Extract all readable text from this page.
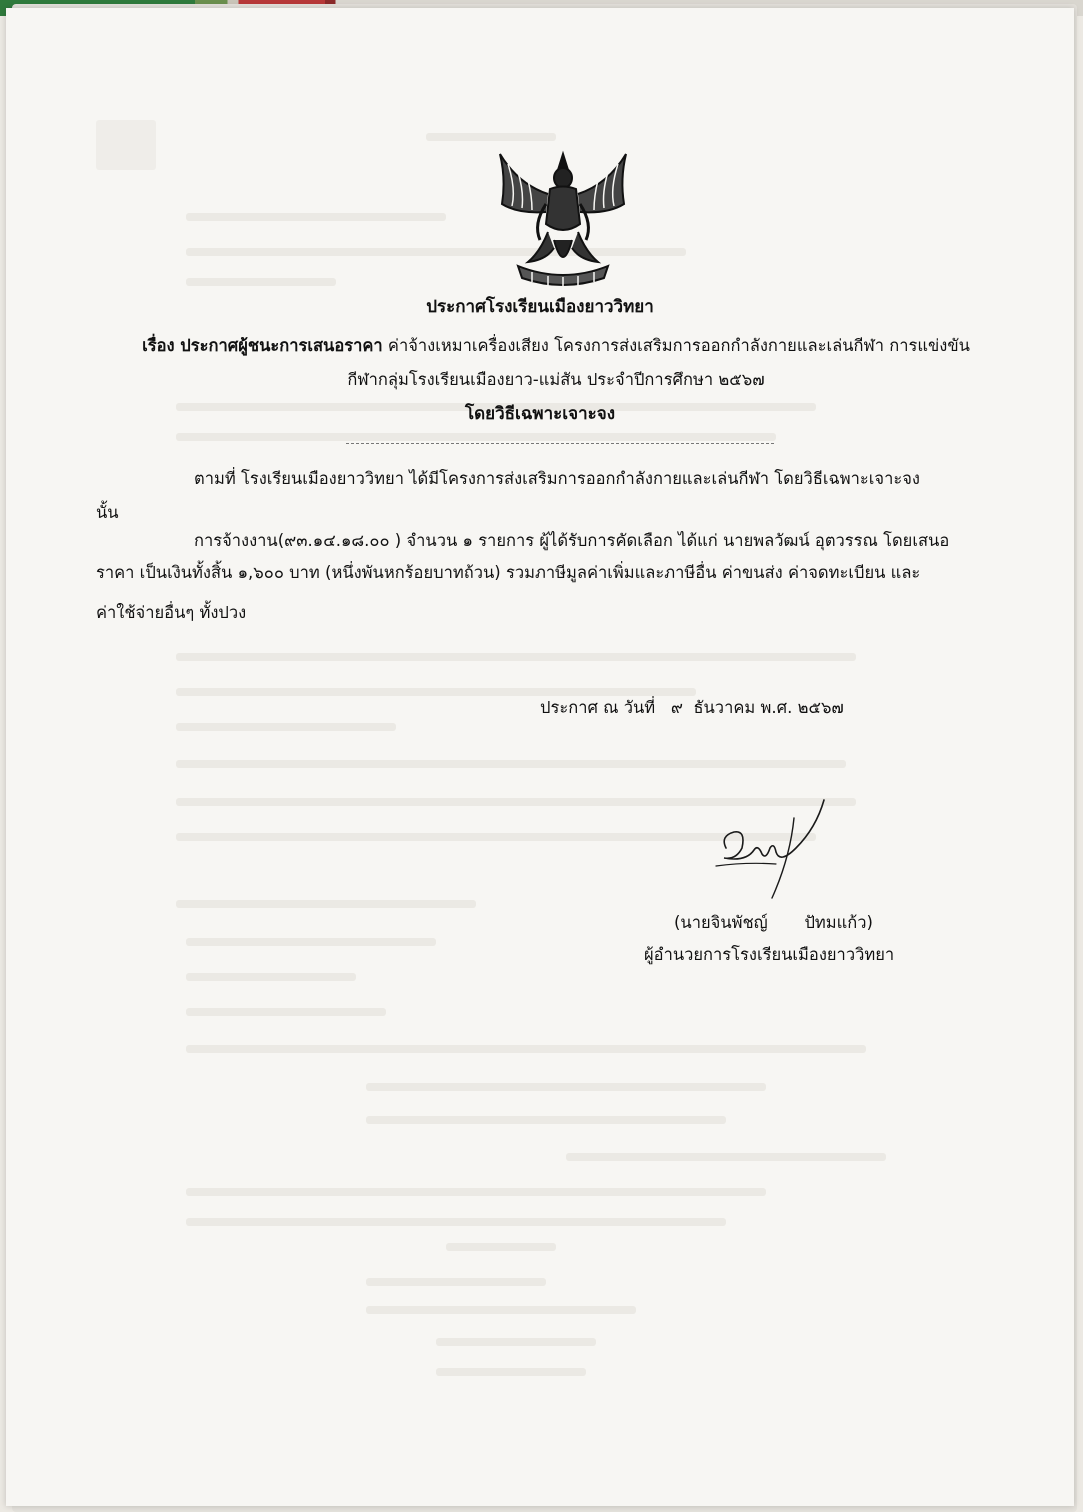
ประกาศโรงเรียนเมืองยาววิทยา
เรื่อง ประกาศผู้ชนะการเสนอราคา ค่าจ้างเหมาเครื่องเสียง โครงการส่งเสริมการออกกำลังกายและเล่นกีฬา การแข่งขัน
กีฬากลุ่มโรงเรียนเมืองยาว-แม่สัน ประจำปีการศึกษา ๒๕๖๗
โดยวิธีเฉพาะเจาะจง
ตามที่ โรงเรียนเมืองยาววิทยา ได้มีโครงการส่งเสริมการออกกำลังกายและเล่นกีฬา โดยวิธีเฉพาะเจาะจง
นั้น
การจ้างงาน(๙๓.๑๔.๑๘.๐๐ ) จำนวน ๑ รายการ ผู้ได้รับการคัดเลือก ได้แก่ นายพลวัฒน์ อุตวรรณ โดยเสนอ
ราคา เป็นเงินทั้งสิ้น ๑,๖๐๐ บาท (หนึ่งพันหกร้อยบาทถ้วน) รวมภาษีมูลค่าเพิ่มและภาษีอื่น ค่าขนส่ง ค่าจดทะเบียน และ
ค่าใช้จ่ายอื่นๆ ทั้งปวง
ประกาศ ณ วันที่   ๙  ธันวาคม พ.ศ. ๒๕๖๗
(นายจินพัชญ์       ปัทมแก้ว)
ผู้อำนวยการโรงเรียนเมืองยาววิทยา
